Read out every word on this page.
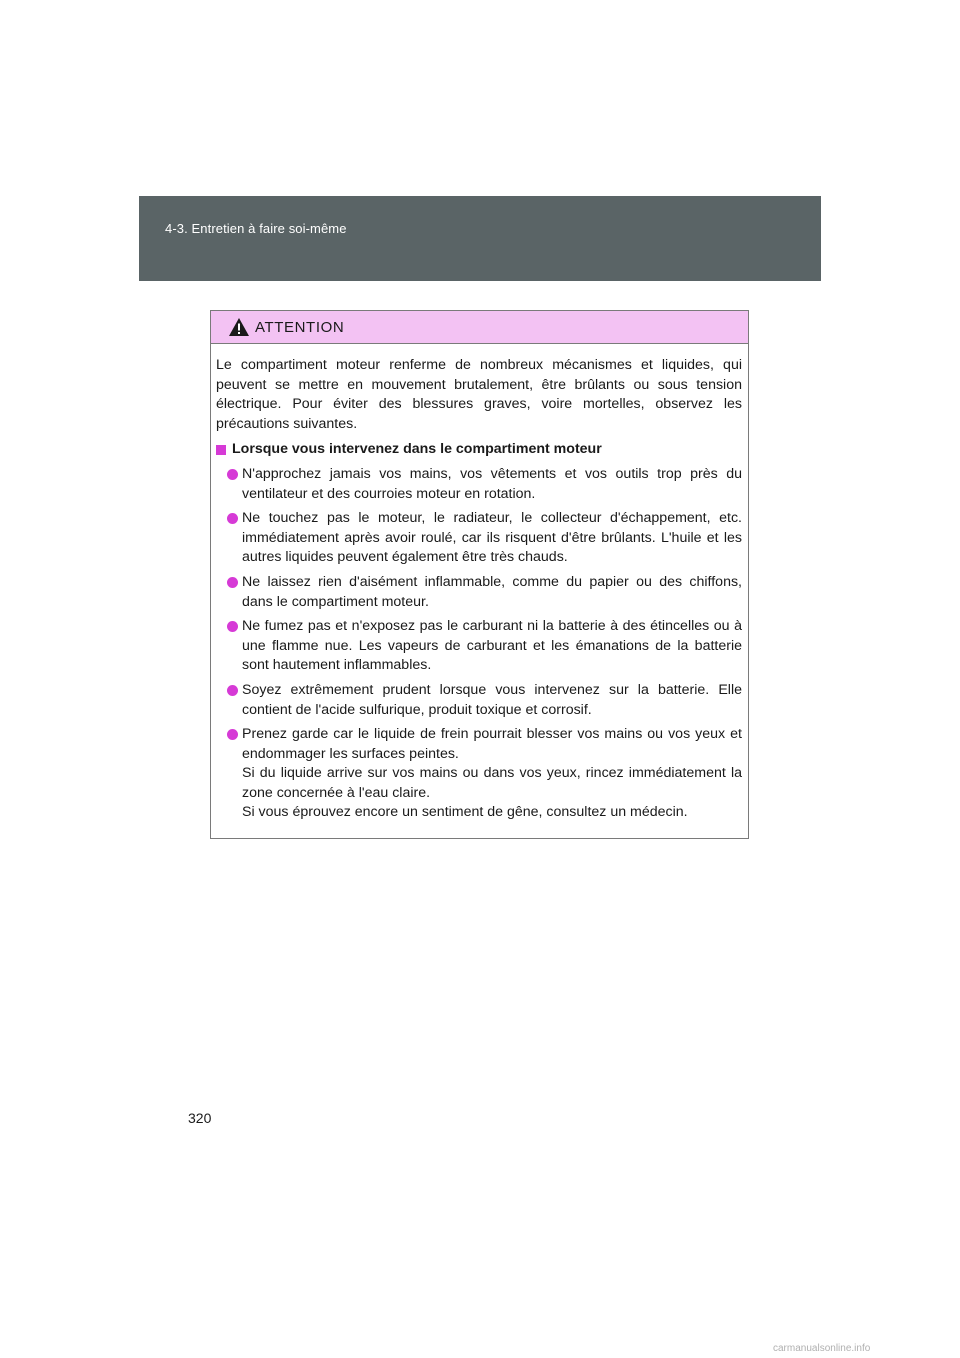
4-3. Entretien à faire soi-même
ATTENTION

Le compartiment moteur renferme de nombreux mécanismes et liquides, qui peuvent se mettre en mouvement brutalement, être brûlants ou sous tension électrique. Pour éviter des blessures graves, voire mortelles, observez les précautions suivantes.

Lorsque vous intervenez dans le compartiment moteur

N'approchez jamais vos mains, vos vêtements et vos outils trop près du ventilateur et des courroies moteur en rotation.

Ne touchez pas le moteur, le radiateur, le collecteur d'échappement, etc. immédiatement après avoir roulé, car ils risquent d'être brûlants. L'huile et les autres liquides peuvent également être très chauds.

Ne laissez rien d'aisément inflammable, comme du papier ou des chiffons, dans le compartiment moteur.

Ne fumez pas et n'exposez pas le carburant ni la batterie à des étincelles ou à une flamme nue. Les vapeurs de carburant et les émanations de la batterie sont hautement inflammables.

Soyez extrêmement prudent lorsque vous intervenez sur la batterie. Elle contient de l'acide sulfurique, produit toxique et corrosif.

Prenez garde car le liquide de frein pourrait blesser vos mains ou vos yeux et endommager les surfaces peintes.

Si du liquide arrive sur vos mains ou dans vos yeux, rincez immédiatement la zone concernée à l'eau claire.

Si vous éprouvez encore un sentiment de gêne, consultez un médecin.

320
carmanualsonline.info
